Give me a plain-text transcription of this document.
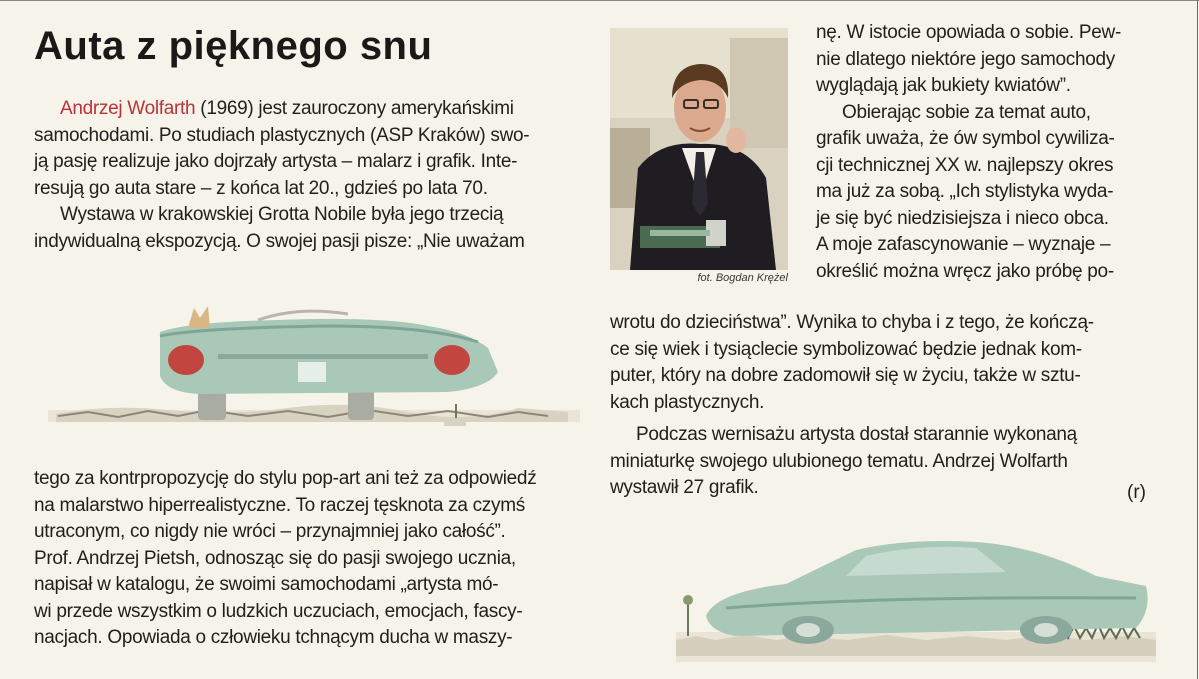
Auta z pięknego snu

Andrzej Wolfarth (1969) jest zauroczony amerykańskimi

samochodami. Po studiach plastycznych (ASP Kraków) swo-

ją pasję realizuje jako dojrzały artysta – malarz i grafik. Inte-

resują go auta stare – z końca lat 20., gdzieś po lata 70.

Wystawa w krakowskiej Grotta Nobile była jego trzecią

indywidualną ekspozycją. O swojej pasji pisze: „Nie uważam

tego za kontrpropozycję do stylu pop-art ani też za odpowiedź

na malarstwo hiperrealistyczne. To raczej tęsknota za czymś

utraconym, co nigdy nie wróci – przynajmniej jako całość”.

Prof. Andrzej Pietsh, odnosząc się do pasji swojego ucznia,

napisał w katalogu, że swoimi samochodami „artysta mó-

wi przede wszystkim o ludzkich uczuciach, emocjach, fascy-

nacjach. Opowiada o człowieku tchnącym ducha w maszy-

fot. Bogdan Krężel

nę. W istocie opowiada o sobie. Pew-

nie dlatego niektóre jego samochody

wyglądają jak bukiety kwiatów”.

Obierając sobie za temat auto,

grafik uważa, że ów symbol cywiliza-

cji technicznej XX w. najlepszy okres

ma już za sobą. „Ich stylistyka wyda-

je się być niedzisiejsza i nieco obca.

A moje zafascynowanie – wyznaje –

określić można wręcz jako próbę po-

wrotu do dzieciństwa”. Wynika to chyba i z tego, że kończą-

ce się wiek i tysiąclecie symbolizować będzie jednak kom-

puter, który na dobre zadomowił się w życiu, także w sztu-

kach plastycznych.

Podczas wernisażu artysta dostał starannie wykonaną

miniaturkę swojego ulubionego tematu. Andrzej Wolfarth

wystawił 27 grafik.	(r)
